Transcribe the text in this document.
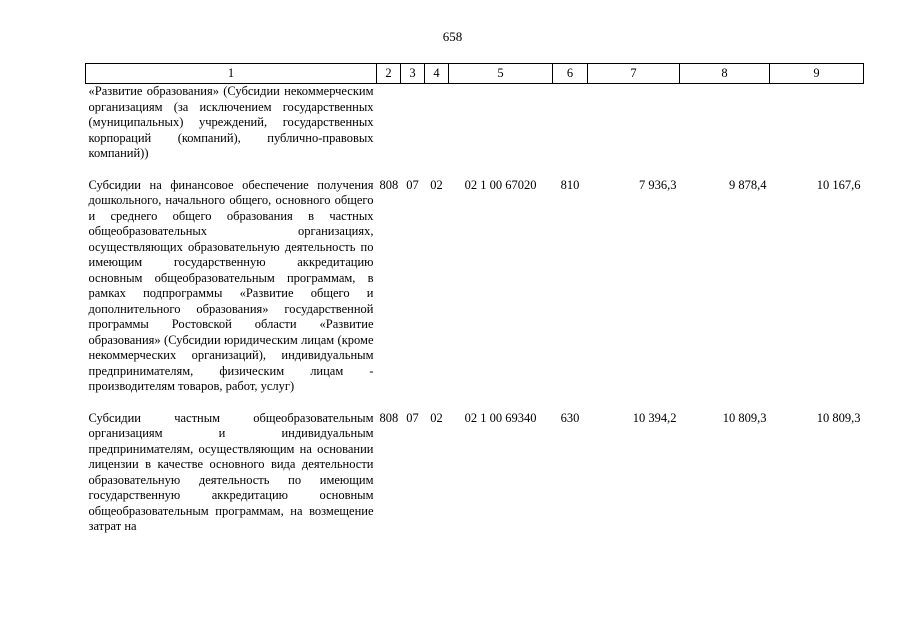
658
1	2	3	4	5	6	7	8	9
«Развитие образования» (Субсидии некоммерческим организациям (за исключением государственных (муниципальных) учреждений, государственных корпораций (компаний), публично-правовых компаний))								
Субсидии на финансовое обеспечение получения дошкольного, начального общего, основного общего и среднего общего образования в частных общеобразовательных организациях, осуществляющих образовательную деятельность по имеющим государственную аккредитацию основным общеобразовательным программам, в рамках подпрограммы «Развитие общего и дополнительного образования» государственной программы Ростовской области «Развитие образования» (Субсидии юридическим лицам (кроме некоммерческих организаций), индивидуальным предпринимателям, физическим лицам - производителям товаров, работ, услуг)	808	07	02	02 1 00 67020	810	7 936,3	9 878,4	10 167,6
Субсидии частным общеобразовательным организациям и индивидуальным предпринимателям, осуществляющим на основании лицензии в качестве основного вида деятельности образовательную деятельность по имеющим государственную аккредитацию основным общеобразовательным программам, на возмещение затрат на	808	07	02	02 1 00 69340	630	10 394,2	10 809,3	10 809,3
